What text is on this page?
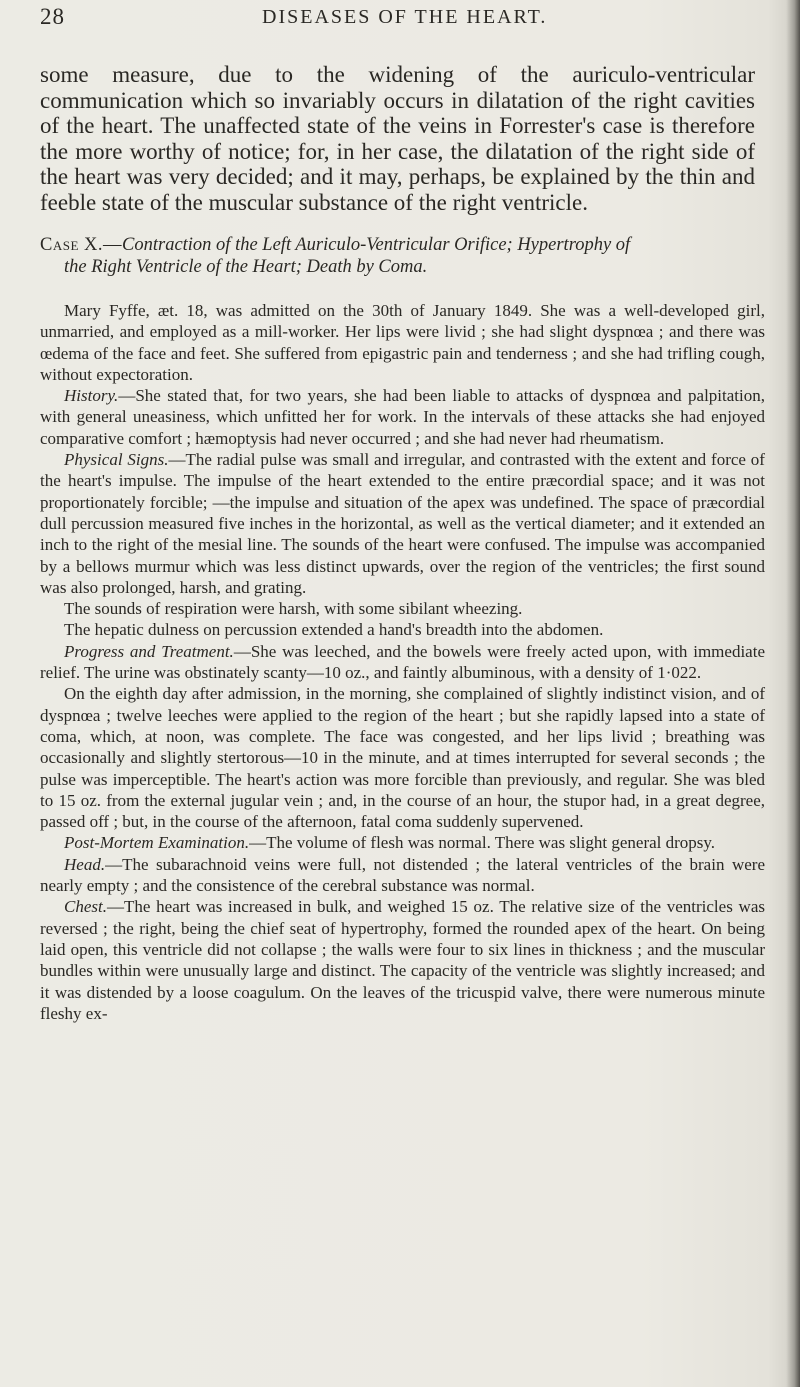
28	DISEASES OF THE HEART.
some measure, due to the widening of the auriculo-ventricular communication which so invariably occurs in dilatation of the right cavities of the heart. The unaffected state of the veins in Forrester's case is therefore the more worthy of notice; for, in her case, the dilatation of the right side of the heart was very decided; and it may, perhaps, be explained by the thin and feeble state of the muscular substance of the right ventricle.
Case X.—Contraction of the Left Auriculo-Ventricular Orifice; Hypertrophy of
the Right Ventricle of the Heart; Death by Coma.

Mary Fyffe, æt. 18, was admitted on the 30th of January 1849. She was a well-developed girl, unmarried, and employed as a mill-worker. Her lips were livid ; she had slight dyspnœa ; and there was œdema of the face and feet. She suffered from epigastric pain and tenderness ; and she had trifling cough, without expectoration.

History.—She stated that, for two years, she had been liable to attacks of dyspnœa and palpitation, with general uneasiness, which unfitted her for work. In the intervals of these attacks she had enjoyed comparative comfort ; hæmoptysis had never occurred ; and she had never had rheumatism.

Physical Signs.—The radial pulse was small and irregular, and contrasted with the extent and force of the heart's impulse. The impulse of the heart extended to the entire præcordial space; and it was not proportionately forcible; —the impulse and situation of the apex was undefined. The space of præcordial dull percussion measured five inches in the horizontal, as well as the vertical diameter; and it extended an inch to the right of the mesial line. The sounds of the heart were confused. The impulse was accompanied by a bellows murmur which was less distinct upwards, over the region of the ventricles; the first sound was also prolonged, harsh, and grating.

The sounds of respiration were harsh, with some sibilant wheezing.

The hepatic dulness on percussion extended a hand's breadth into the abdomen.

Progress and Treatment.—She was leeched, and the bowels were freely acted upon, with immediate relief. The urine was obstinately scanty—10 oz., and faintly albuminous, with a density of 1·022.

On the eighth day after admission, in the morning, she complained of slightly indistinct vision, and of dyspnœa ; twelve leeches were applied to the region of the heart ; but she rapidly lapsed into a state of coma, which, at noon, was complete. The face was congested, and her lips livid ; breathing was occasionally and slightly stertorous—10 in the minute, and at times interrupted for several seconds ; the pulse was imperceptible. The heart's action was more forcible than previously, and regular. She was bled to 15 oz. from the external jugular vein ; and, in the course of an hour, the stupor had, in a great degree, passed off ; but, in the course of the afternoon, fatal coma suddenly supervened.

Post-Mortem Examination.—The volume of flesh was normal. There was slight general dropsy.

Head.—The subarachnoid veins were full, not distended ; the lateral ventricles of the brain were nearly empty ; and the consistence of the cerebral substance was normal.

Chest.—The heart was increased in bulk, and weighed 15 oz. The relative size of the ventricles was reversed ; the right, being the chief seat of hypertrophy, formed the rounded apex of the heart. On being laid open, this ventricle did not collapse ; the walls were four to six lines in thickness ; and the muscular bundles within were unusually large and distinct. The capacity of the ventricle was slightly increased; and it was distended by a loose coagulum. On the leaves of the tricuspid valve, there were numerous minute fleshy ex-
